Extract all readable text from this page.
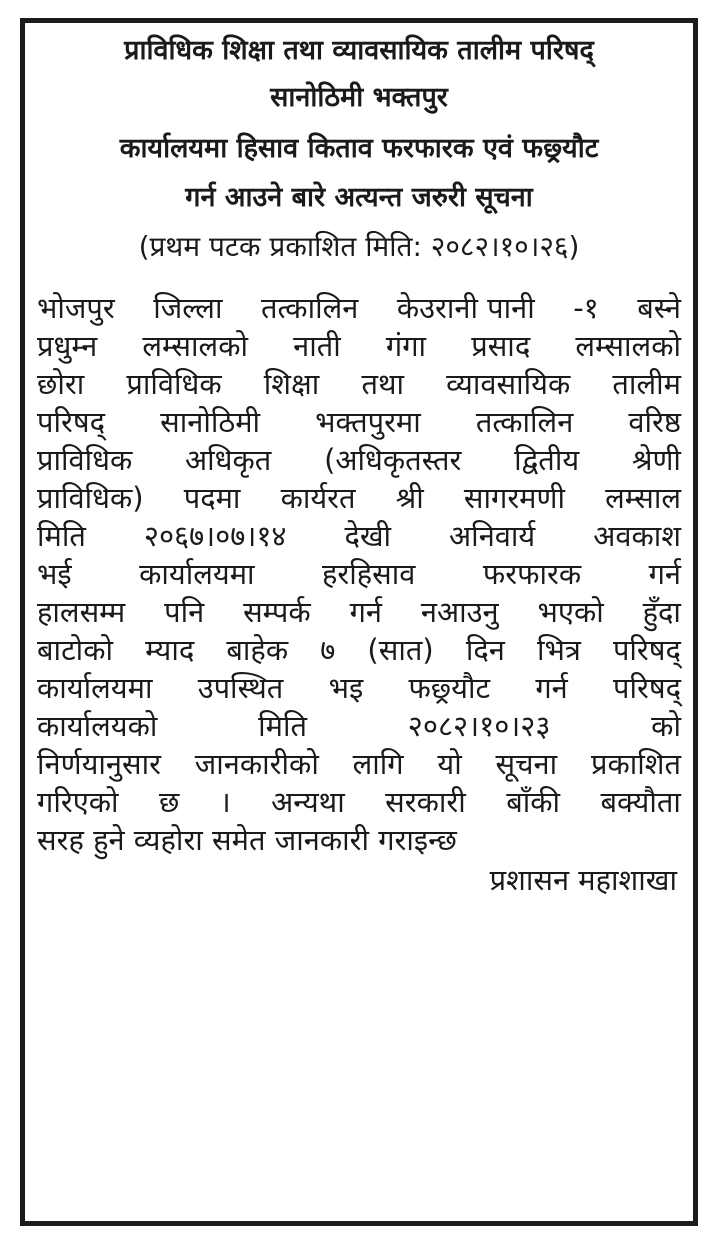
प्राविधिक शिक्षा तथा व्यावसायिक तालीम परिषद्

सानोठिमी भक्तपुर

कार्यालयमा हिसाव किताव फरफारक एवं फछ्र्यौट

गर्न आउने बारे अत्यन्त जरुरी सूचना

(प्रथम पटक प्रकाशित मिति: २०८२।१०।२६)

भोजपुर जिल्ला तत्कालिन केउरानी पानी -१ बस्ने
प्रधुम्न लम्सालको नाती गंगा प्रसाद लम्सालको
छोरा प्राविधिक शिक्षा तथा व्यावसायिक तालीम
परिषद् सानोठिमी भक्तपुरमा तत्कालिन वरिष्ठ
प्राविधिक अधिकृत (अधिकृतस्तर द्वितीय श्रेणी
प्राविधिक) पदमा कार्यरत श्री सागरमणी लम्साल
मिति २०६७।०७।१४ देखी अनिवार्य अवकाश
भई कार्यालयमा हरहिसाव फरफारक गर्न
हालसम्म पनि सम्पर्क गर्न नआउनु भएको हुँदा
बाटोको म्याद बाहेक ७ (सात) दिन भित्र परिषद्
कार्यालयमा उपस्थित भइ फछ्र्यौट गर्न परिषद्
कार्यालयको	मिति	२०८२।१०।२३	को
निर्णयानुसार जानकारीको लागि यो सूचना प्रकाशित
गरिएको छ । अन्यथा सरकारी बाँकी बक्यौता

सरह हुने व्यहोरा समेत जानकारी गराइन्छ

प्रशासन महाशाखा
